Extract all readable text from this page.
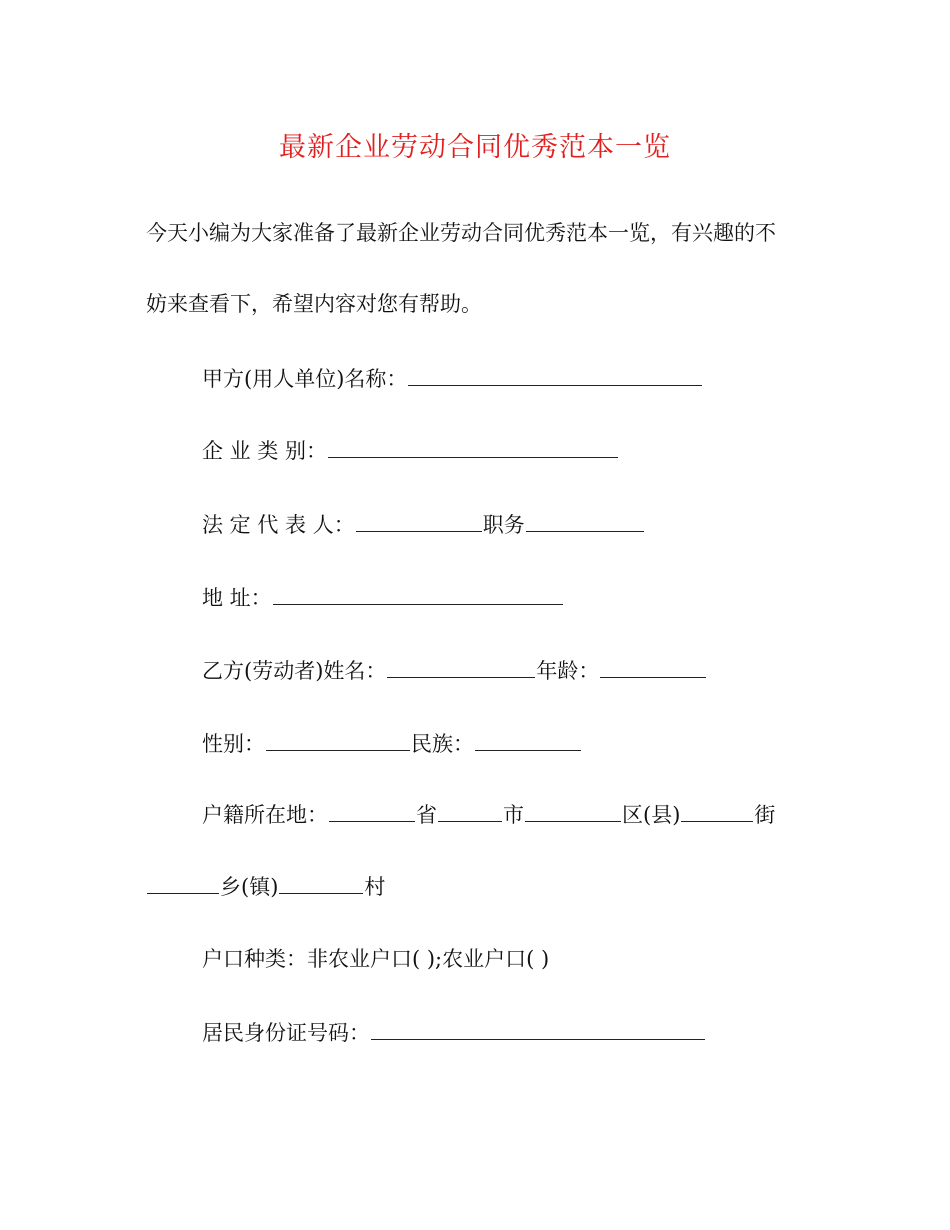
最新企业劳动合同优秀范本一览
今天小编为大家准备了最新企业劳动合同优秀范本一览，有兴趣的不
妨来查看下，希望内容对您有帮助。
甲方(用人单位)名称：
企 业 类 别：
法 定 代 表 人：	职务
地 址：
乙方(劳动者)姓名：	年龄：
性别：	民族：
户籍所在地：	省	市	区(县)	街
乡(镇)	村
户口种类：非农业户口( );农业户口( )
居民身份证号码：
